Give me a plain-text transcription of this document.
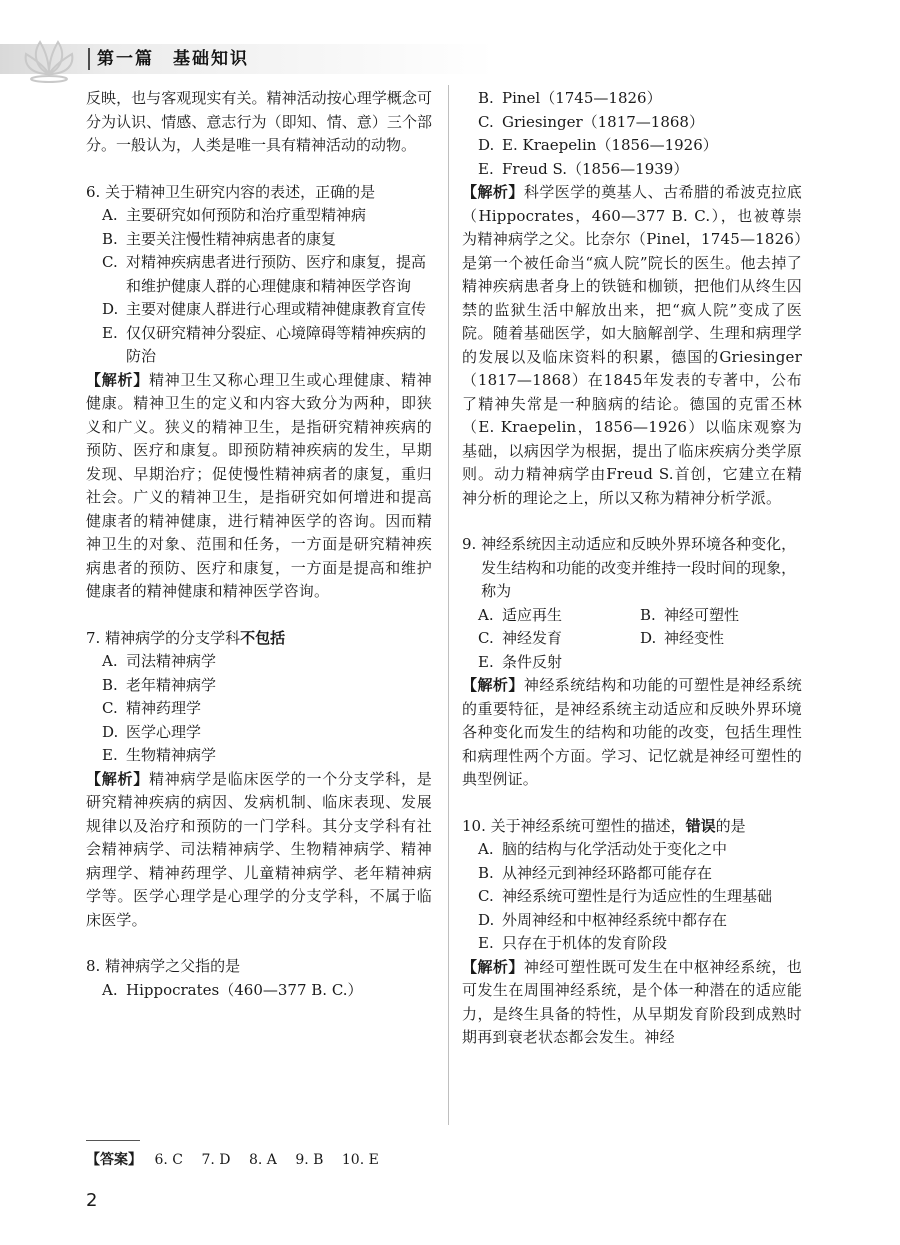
第一篇　基础知识

反映，也与客观现实有关。精神活动按心理学概念可分为认识、情感、意志行为（即知、情、意）三个部分。一般认为，人类是唯一具有精神活动的动物。

6. 关于精神卫生研究内容的表述，正确的是
A. 主要研究如何预防和治疗重型精神病
B. 主要关注慢性精神病患者的康复
C. 对精神疾病患者进行预防、医疗和康复，提高和维护健康人群的心理健康和精神医学咨询
D. 主要对健康人群进行心理或精神健康教育宣传
E. 仅仅研究精神分裂症、心境障碍等精神疾病的防治

【解析】精神卫生又称心理卫生或心理健康、精神健康。精神卫生的定义和内容大致分为两种，即狭义和广义。狭义的精神卫生，是指研究精神疾病的预防、医疗和康复。即预防精神疾病的发生，早期发现、早期治疗；促使慢性精神病者的康复，重归社会。广义的精神卫生，是指研究如何增进和提高健康者的精神健康，进行精神医学的咨询。因而精神卫生的对象、范围和任务，一方面是研究精神疾病患者的预防、医疗和康复，一方面是提高和维护健康者的精神健康和精神医学咨询。

7. 精神病学的分支学科不包括
A. 司法精神病学
B. 老年精神病学
C. 精神药理学
D. 医学心理学
E. 生物精神病学

【解析】精神病学是临床医学的一个分支学科，是研究精神疾病的病因、发病机制、临床表现、发展规律以及治疗和预防的一门学科。其分支学科有社会精神病学、司法精神病学、生物精神病学、精神病理学、精神药理学、儿童精神病学、老年精神病学等。医学心理学是心理学的分支学科，不属于临床医学。

8. 精神病学之父指的是
A. Hippocrates（460—377 B. C.）
B. Pinel（1745—1826）
C. Griesinger（1817—1868）
D. E. Kraepelin（1856—1926）
E. Freud S.（1856—1939）

【解析】科学医学的奠基人、古希腊的希波克拉底（Hippocrates，460—377 B. C.），也被尊崇为精神病学之父。比奈尔（Pinel，1745—1826）是第一个被任命当“疯人院”院长的医生。他去掉了精神疾病患者身上的铁链和枷锁，把他们从终生囚禁的监狱生活中解放出来，把“疯人院”变成了医院。随着基础医学，如大脑解剖学、生理和病理学的发展以及临床资料的积累，德国的Griesinger（1817—1868）在1845年发表的专著中，公布了精神失常是一种脑病的结论。德国的克雷丕林（E. Kraepelin，1856—1926）以临床观察为基础，以病因学为根据，提出了临床疾病分类学原则。动力精神病学由Freud S.首创，它建立在精神分析的理论之上，所以又称为精神分析学派。

9. 神经系统因主动适应和反映外界环境各种变化，发生结构和功能的改变并维持一段时间的现象，称为
A. 适应再生	B. 神经可塑性
C. 神经发育	D. 神经变性
E. 条件反射

【解析】神经系统结构和功能的可塑性是神经系统的重要特征，是神经系统主动适应和反映外界环境各种变化而发生的结构和功能的改变，包括生理性和病理性两个方面。学习、记忆就是神经可塑性的典型例证。

10. 关于神经系统可塑性的描述，错误的是
A. 脑的结构与化学活动处于变化之中
B. 从神经元到神经环路都可能存在
C. 神经系统可塑性是行为适应性的生理基础
D. 外周神经和中枢神经系统中都存在
E. 只存在于机体的发育阶段

【解析】神经可塑性既可发生在中枢神经系统，也可发生在周围神经系统，是个体一种潜在的适应能力，是终生具备的特性，从早期发育阶段到成熟时期再到衰老状态都会发生。神经

【答案】 6. C 7. D 8. A 9. B 10. E
2
